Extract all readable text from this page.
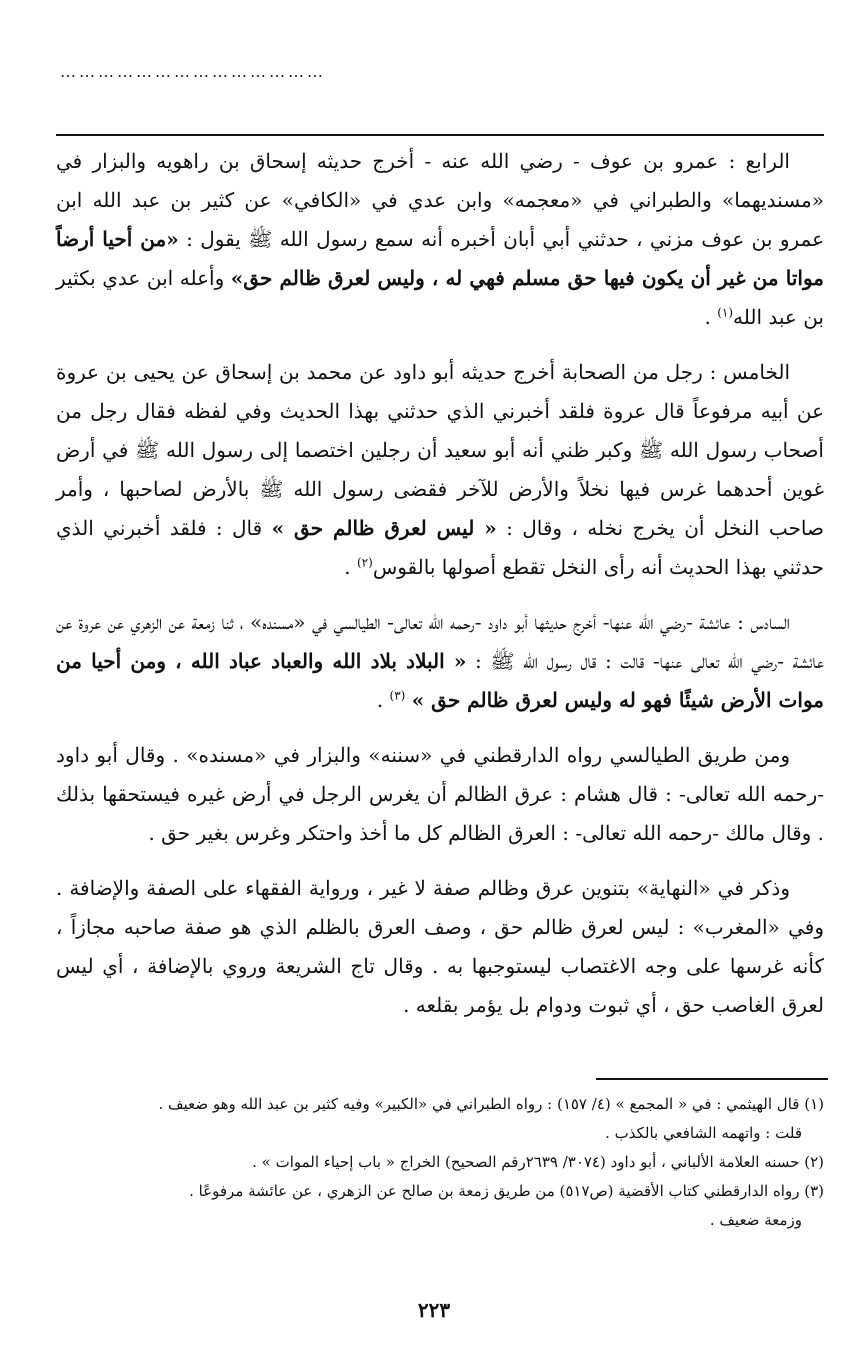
……………………………………

الرابع : عمرو بن عوف - رضي الله عنه - أخرج حديثه إسحاق بن راهويه والبزار في «مسنديهما» والطبراني في «معجمه» وابن عدي في «الكافي» عن كثير بن عبد الله ابن عمرو بن عوف مزني ، حدثني أبي أبان أخبره أنه سمع رسول الله ﷺ يقول : «من أحيا أرضاً مواتا من غير أن يكون فيها حق مسلم فهي له ، وليس لعرق ظالم حق» وأعله ابن عدي بكثير بن عبد الله$^{(١)}$ .

الخامس : رجل من الصحابة أخرج حديثه أبو داود عن محمد بن إسحاق عن يحيى بن عروة عن أبيه مرفوعاً قال عروة فلقد أخبرني الذي حدثني بهذا الحديث وفي لفظه فقال رجل من أصحاب رسول الله ﷺ وكبر ظني أنه أبو سعيد أن رجلين اختصما إلى رسول الله ﷺ في أرض غوين أحدهما غرس فيها نخلاً والأرض للآخر فقضى رسول الله ﷺ بالأرض لصاحبها ، وأمر صاحب النخل أن يخرج نخله ، وقال : « ليس لعرق ظالم حق » قال : فلقد أخبرني الذي حدثني بهذا الحديث أنه رأى النخل تقطع أصولها بالقوس$^{(٢)}$ .

السادس : عائشة -رضي الله عنها- أخرج حديثها أبو داود -رحمه الله تعالى- الطيالسي في «مسنده» ، ثنا زمعة عن الزهري عن عروة عن عائشة -رضي الله تعالى عنها- قالت : قال رسول الله ﷺ : « البلاد بلاد الله والعباد عباد الله ، ومن أحيا من موات الأرض شيئًا فهو له وليس لعرق ظالم حق » $^{(٣)}$ .

ومن طريق الطيالسي رواه الدارقطني في «سننه» والبزار في «مسنده» . وقال أبو داود -رحمه الله تعالى- : قال هشام : عرق الظالم أن يغرس الرجل في أرض غيره فيستحقها بذلك . وقال مالك -رحمه الله تعالى- : العرق الظالم كل ما أخذ واحتكر وغرس بغير حق .

وذكر في «النهاية» بتنوين عرق وظالم صفة لا غير ، ورواية الفقهاء على الصفة والإضافة . وفي «المغرب» : ليس لعرق ظالم حق ، وصف العرق بالظلم الذي هو صفة صاحبه مجازاً ، كأنه غرسها على وجه الاغتصاب ليستوجبها به . وقال تاج الشريعة وروي بالإضافة ، أي ليس لعرق الغاصب حق ، أي ثبوت ودوام بل يؤمر بقلعه .

(١) قال الهيثمي : في « المجمع » (٤/ ١٥٧) : رواه الطبراني في «الكبير» وفيه كثير بن عبد الله وهو ضعيف .

قلت : واتهمه الشافعي بالكذب .

(٢) حسنه العلامة الألباني ، أبو داود (٣٠٧٤/ ٢٦٣٩رقم الصحيح) الخراج « باب إحياء الموات » .

(٣) رواه الدارقطني كتاب الأقضية (ص٥١٧) من طريق زمعة بن صالح عن الزهري ، عن عائشة مرفوعًا .

وزمعة ضعيف .

٢٢٣
